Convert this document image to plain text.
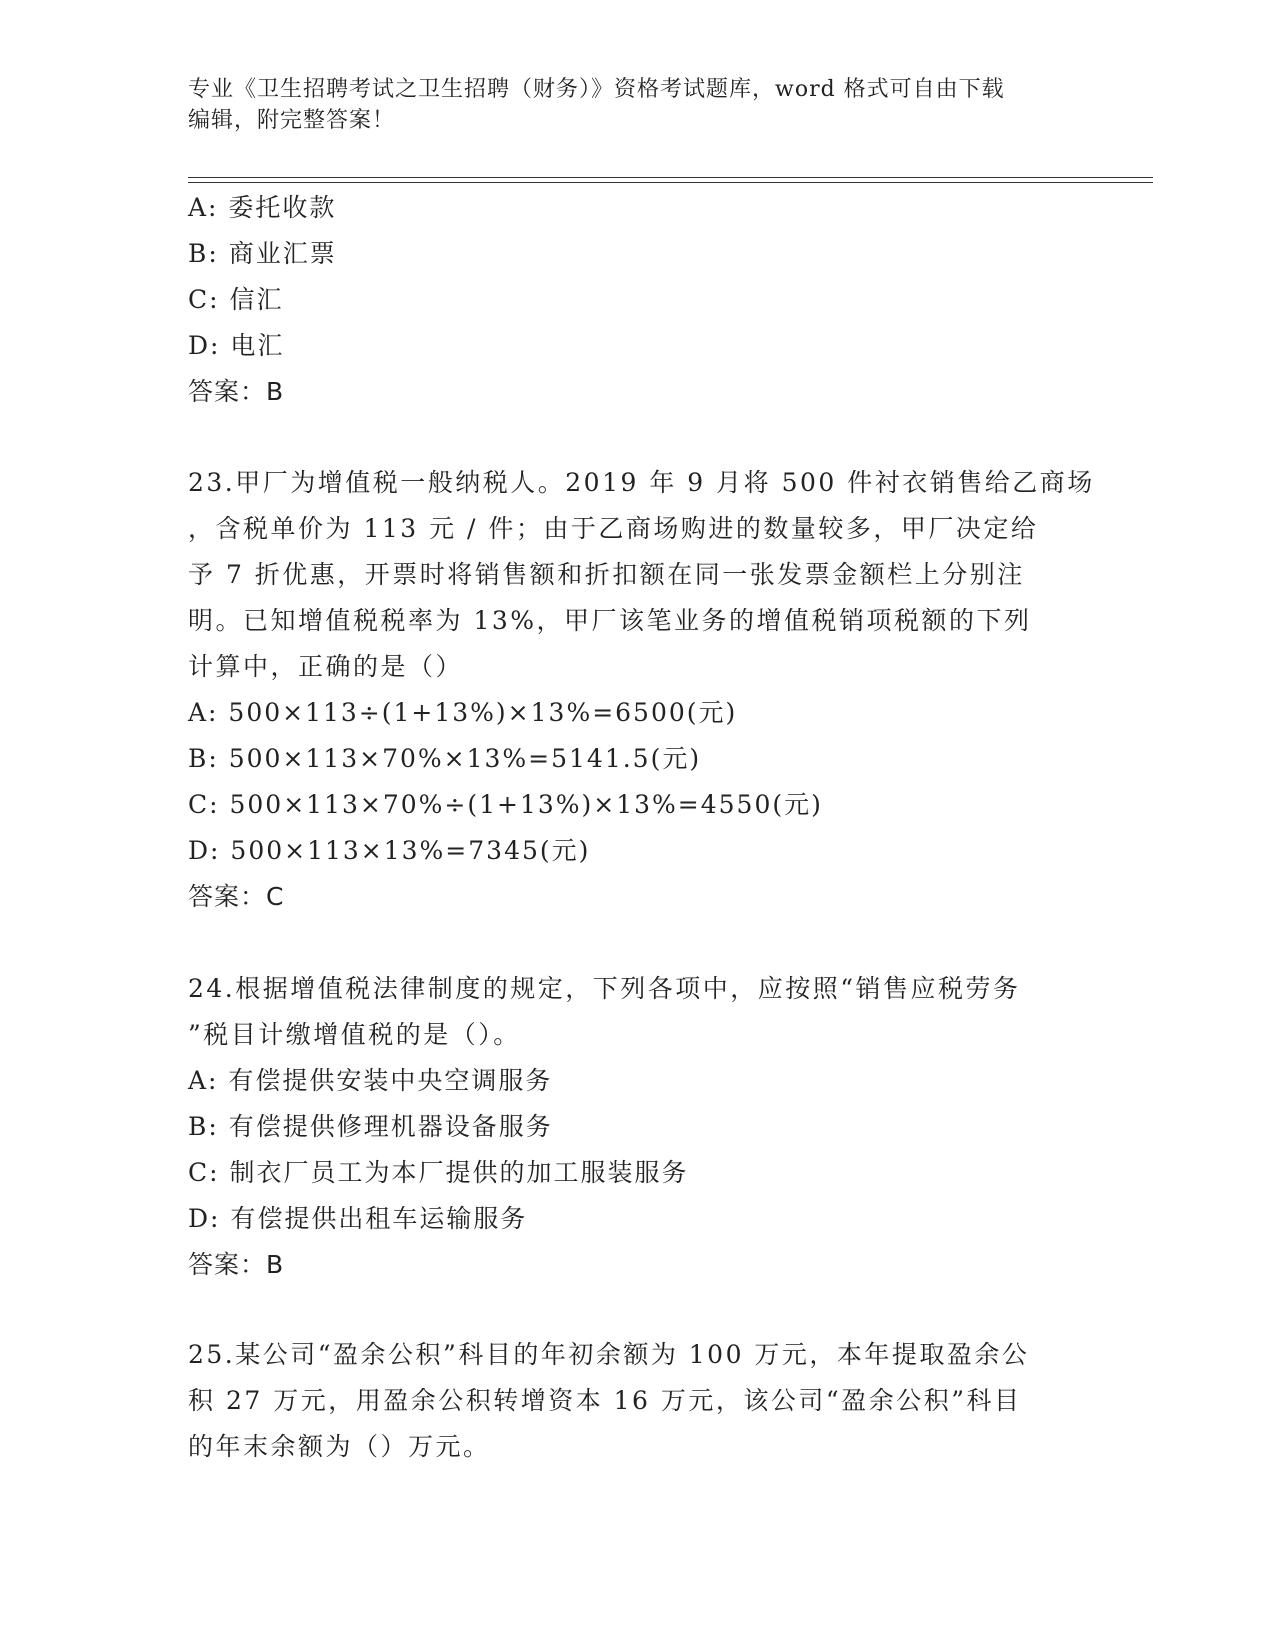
专业《卫生招聘考试之卫生招聘（财务）》资格考试题库，word 格式可自由下载
编辑，附完整答案！
A: 委托收款
B: 商业汇票
C: 信汇
D: 电汇
答案：B
23.甲厂为增值税一般纳税人。2019 年 9 月将 500 件衬衣销售给乙商场
，含税单价为 113 元 / 件；由于乙商场购进的数量较多，甲厂决定给
予 7 折优惠，开票时将销售额和折扣额在同一张发票金额栏上分别注
明。已知增值税税率为 13%，甲厂该笔业务的增值税销项税额的下列
计算中，正确的是（）
A: 500×113÷(1+13%)×13%=6500(元)
B: 500×113×70%×13%=5141.5(元)
C: 500×113×70%÷(1+13%)×13%=4550(元)
D: 500×113×13%=7345(元)
答案：C
24.根据增值税法律制度的规定，下列各项中，应按照“销售应税劳务
”税目计缴增值税的是（）。
A: 有偿提供安装中央空调服务
B: 有偿提供修理机器设备服务
C: 制衣厂员工为本厂提供的加工服装服务
D: 有偿提供出租车运输服务
答案：B
25.某公司“盈余公积”科目的年初余额为 100 万元，本年提取盈余公
积 27 万元，用盈余公积转增资本 16 万元，该公司“盈余公积”科目
的年末余额为（）万元。
